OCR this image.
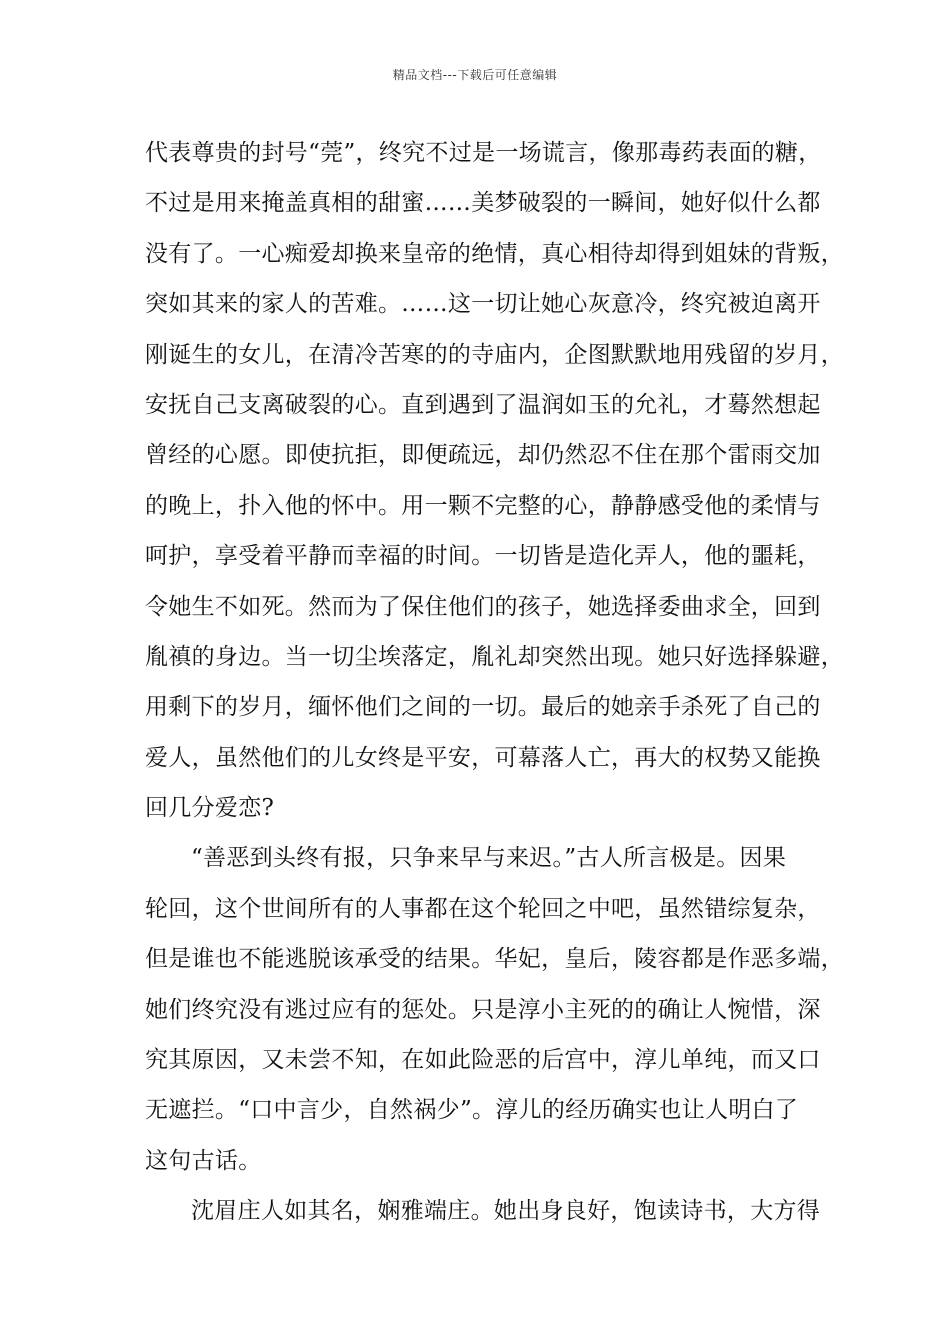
精品文档---下载后可任意编辑
代表尊贵的封号“莞”，终究不过是一场谎言，像那毒药表面的糖，
不过是用来掩盖真相的甜蜜……美梦破裂的一瞬间，她好似什么都
没有了。一心痴爱却换来皇帝的绝情，真心相待却得到姐妹的背叛，
突如其来的家人的苦难。……这一切让她心灰意冷，终究被迫离开
刚诞生的女儿，在清冷苦寒的的寺庙内，企图默默地用残留的岁月，
安抚自己支离破裂的心。直到遇到了温润如玉的允礼，才蓦然想起
曾经的心愿。即使抗拒，即便疏远，却仍然忍不住在那个雷雨交加
的晚上，扑入他的怀中。用一颗不完整的心，静静感受他的柔情与
呵护，享受着平静而幸福的时间。一切皆是造化弄人，他的噩耗，
令她生不如死。然而为了保住他们的孩子，她选择委曲求全，回到
胤禛的身边。当一切尘埃落定，胤礼却突然出现。她只好选择躲避，
用剩下的岁月，缅怀他们之间的一切。最后的她亲手杀死了自己的
爱人，虽然他们的儿女终是平安，可幕落人亡，再大的权势又能换
回几分爱恋?
“善恶到头终有报，只争来早与来迟。”古人所言极是。因果
轮回，这个世间所有的人事都在这个轮回之中吧，虽然错综复杂，
但是谁也不能逃脱该承受的结果。华妃，皇后，陵容都是作恶多端，
她们终究没有逃过应有的惩处。只是淳小主死的的确让人惋惜，深
究其原因，又未尝不知，在如此险恶的后宫中，淳儿单纯，而又口
无遮拦。“口中言少，自然祸少”。淳儿的经历确实也让人明白了
这句古话。
沈眉庄人如其名，娴雅端庄。她出身良好，饱读诗书，大方得
